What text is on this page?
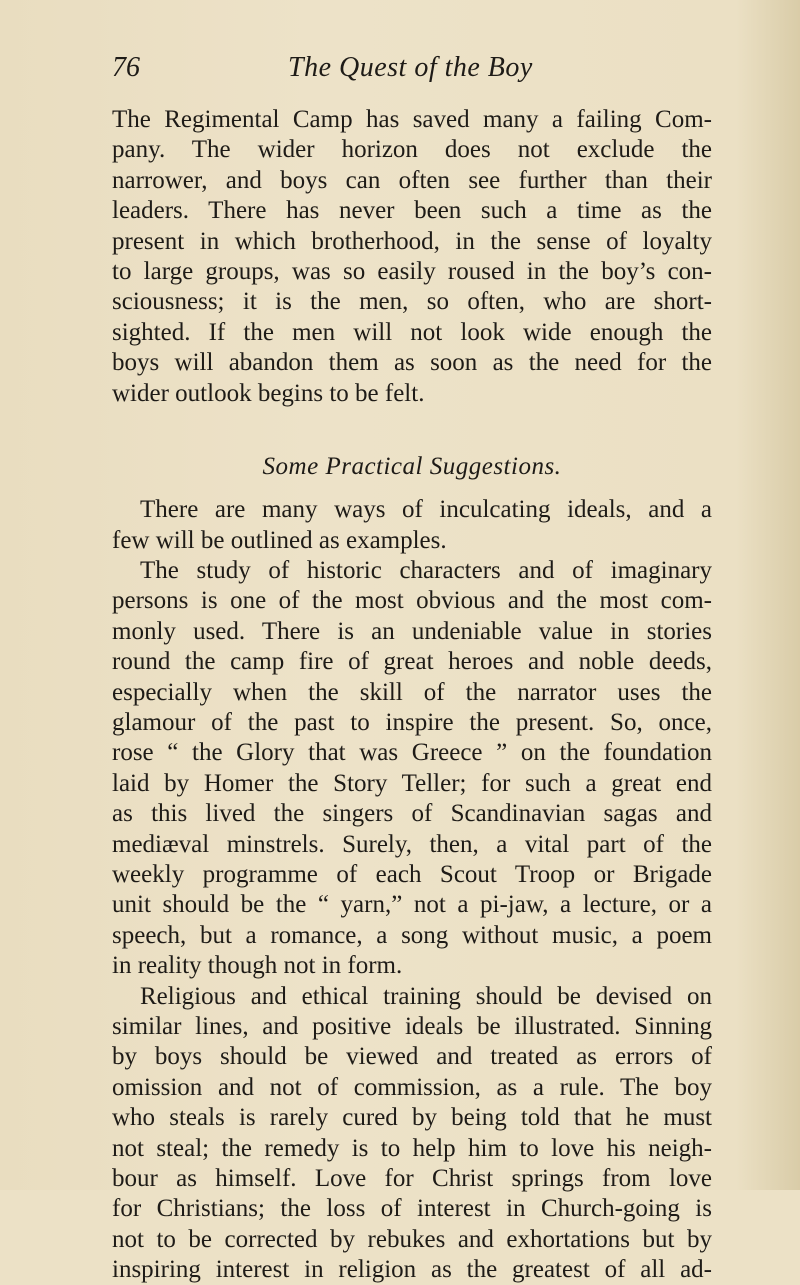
76	The Quest of the Boy
The Regimental Camp has saved many a failing Com-
pany. The wider horizon does not exclude the
narrower, and boys can often see further than their
leaders. There has never been such a time as the
present in which brotherhood, in the sense of loyalty
to large groups, was so easily roused in the boy’s con-
sciousness; it is the men, so often, who are short-
sighted. If the men will not look wide enough the
boys will abandon them as soon as the need for the
wider outlook begins to be felt.
Some Practical Suggestions.
There are many ways of inculcating ideals, and a
few will be outlined as examples.
The study of historic characters and of imaginary
persons is one of the most obvious and the most com-
monly used. There is an undeniable value in stories
round the camp fire of great heroes and noble deeds,
especially when the skill of the narrator uses the
glamour of the past to inspire the present. So, once,
rose “ the Glory that was Greece ” on the foundation
laid by Homer the Story Teller; for such a great end
as this lived the singers of Scandinavian sagas and
mediæval minstrels. Surely, then, a vital part of the
weekly programme of each Scout Troop or Brigade
unit should be the “ yarn,” not a pi-jaw, a lecture, or a
speech, but a romance, a song without music, a poem
in reality though not in form.
Religious and ethical training should be devised on
similar lines, and positive ideals be illustrated. Sinning
by boys should be viewed and treated as errors of
omission and not of commission, as a rule. The boy
who steals is rarely cured by being told that he must
not steal; the remedy is to help him to love his neigh-
bour as himself. Love for Christ springs from love
for Christians; the loss of interest in Church-going is
not to be corrected by rebukes and exhortations but by
inspiring interest in religion as the greatest of all ad-
